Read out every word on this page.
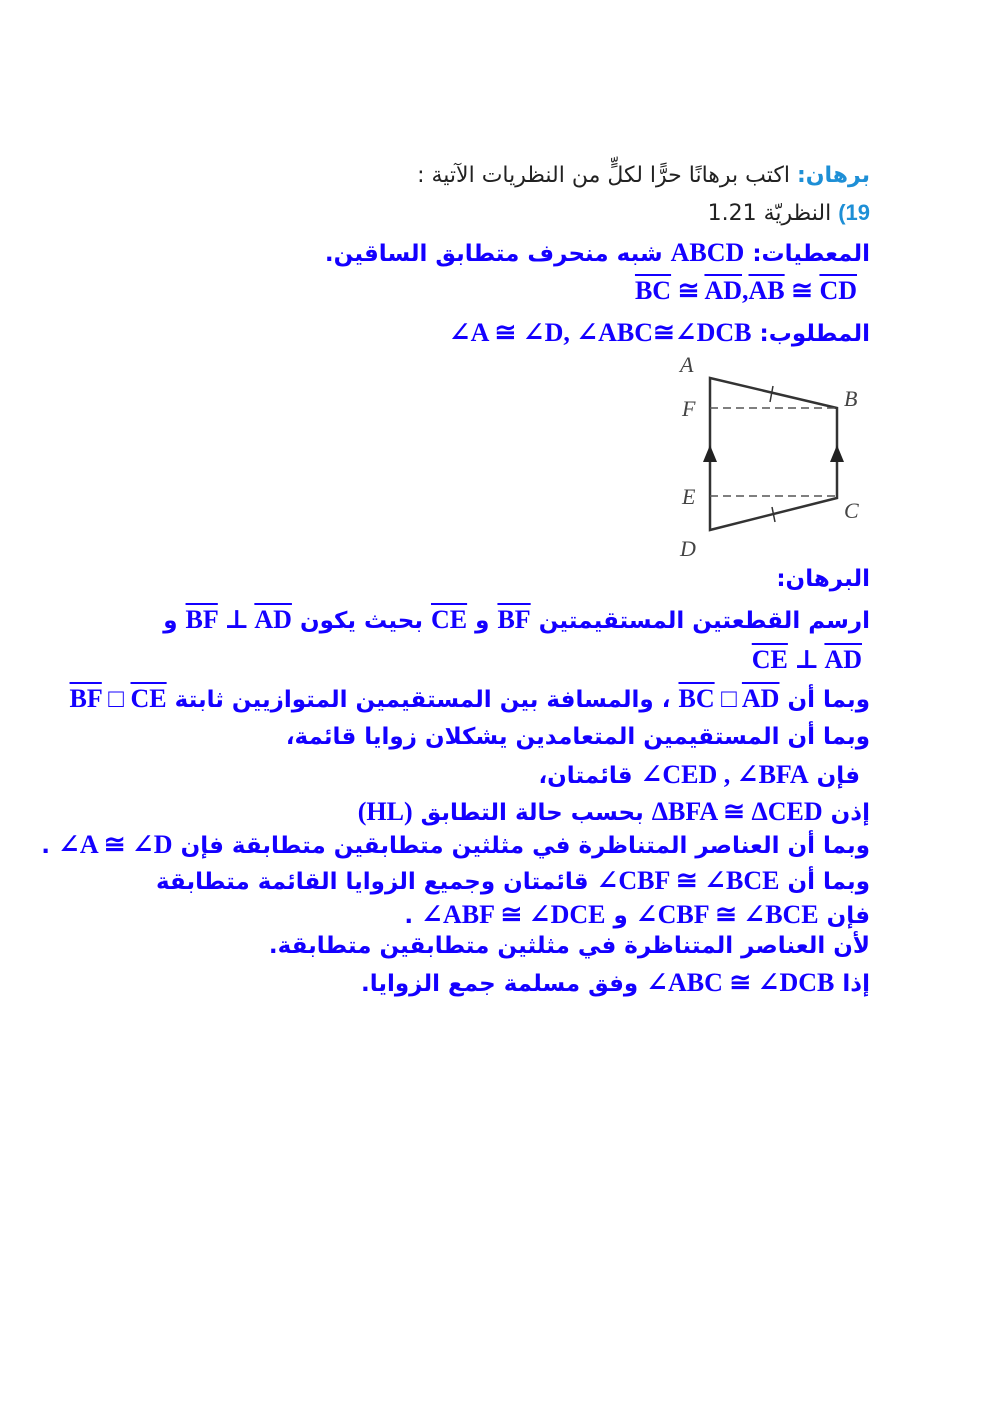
برهان: اكتب برهانًا حرًّا لكلٍّ من النظريات الآتية :
19) النظريّة 1.21
المعطيات: ABCD شبه منحرف متطابق الساقين.
$\overline{BC}$ ≅ $\overline{AD},\overline{AB}$ ≅ $\overline{CD}$
المطلوب: ∠A ≅ ∠D, ∠ABC≅∠DCB
A
B
F
E
C
D
البرهان:
ارسم القطعتين المستقيمتين $\overline{BF}$ و $\overline{CE}$ بحيث يكون $\overline{BF}$ ⊥ $\overline{AD}$ و
$\overline{CE}$ ⊥ $\overline{AD}$
وبما أن $\overline{BC}$ □ $\overline{AD}$ ، والمسافة بين المستقيمين المتوازيين ثابتة $\overline{BF}$ □ $\overline{CE}$
وبما أن المستقيمين المتعامدين يشكلان زوايا قائمة،
فإن ∠CED , ∠BFA قائمتان،
إذن ΔBFA ≅ ΔCED بحسب حالة التطابق (HL)
وبما أن العناصر المتناظرة في مثلثين متطابقين متطابقة فإن ∠A ≅ ∠D .
وبما أن ∠CBF ≅ ∠BCE قائمتان وجميع الزوايا القائمة متطابقة
فإن ∠CBF ≅ ∠BCE و ∠ABF ≅ ∠DCE .
لأن العناصر المتناظرة في مثلثين متطابقين متطابقة.
إذا ∠ABC ≅ ∠DCB وفق مسلمة جمع الزوايا.
